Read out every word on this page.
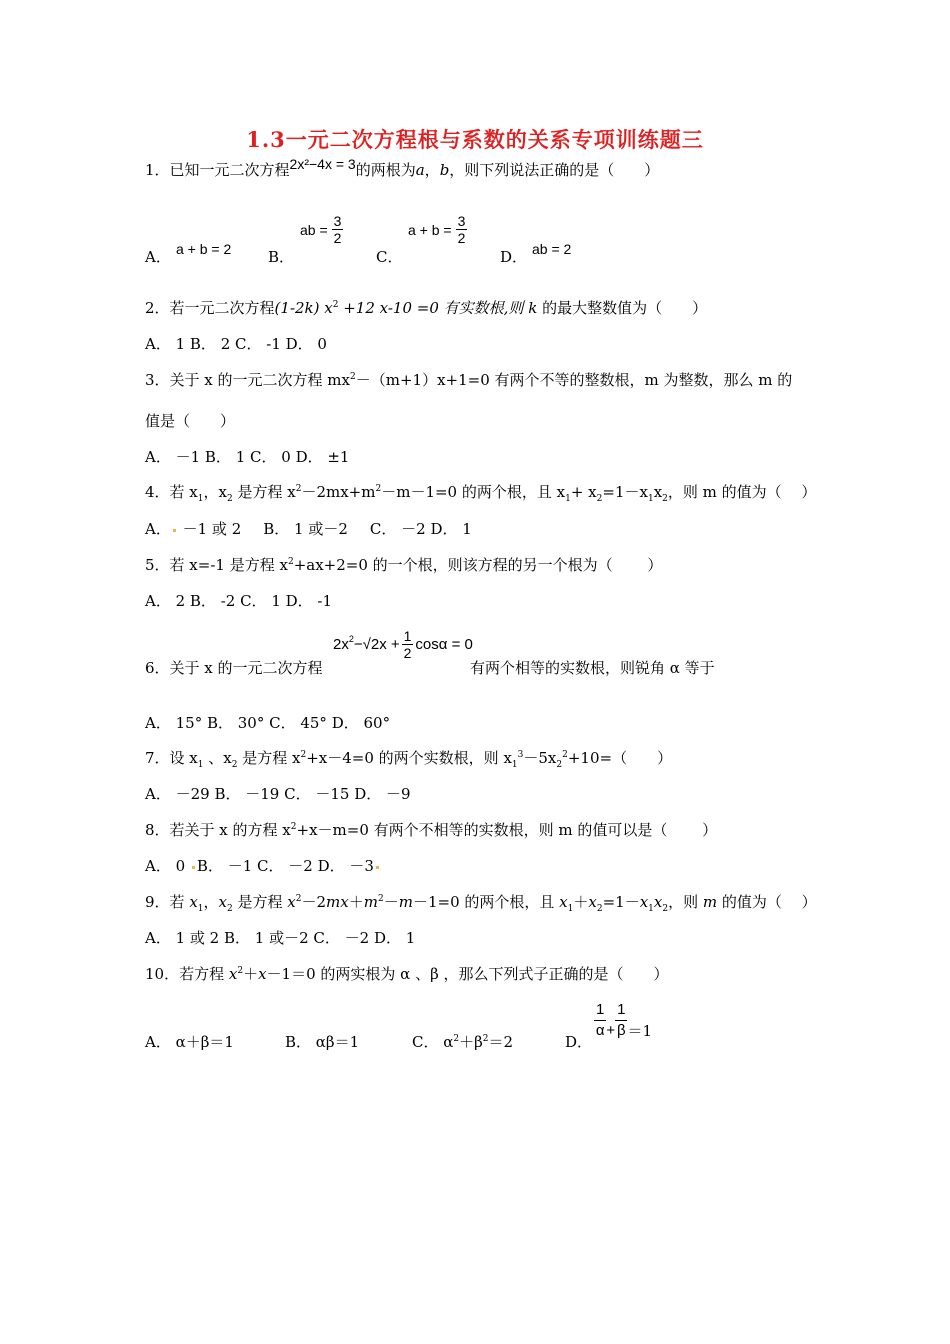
1.3一元二次方程根与系数的关系专项训练题三
1．已知一元二次方程2x²−4x = 3的两根为a，b，则下列说法正确的是（　　）
A． a + b = 2 B．
ab = $\frac{3}{2}$
C．
$a + b = \frac{3}{2}$
D． ab = 2
2．若一元二次方程(1-2k) $x^2 +12$ x-10 =0 有实数根,则 k 的最大整数值为（　　）
A． 1 B． 2 C． -1 D． 0
3．关于 x 的一元二次方程 $mx^2-(m+1)x+1=0$ 有两个不等的整数根，m 为整数，那么 m 的
值是（　　）
A． －1 B． 1 C． 0 D． ±1
4．若 $x_1$，$x_2$ 是方程 $x^2-2mx+m^2-m-1=0$ 的两个根，且 $x_1+ x_2=1-x_1x_2$，则 m 的值为（　 ）
A． －1 或 2 B． 1 或－2 C． －2 D． 1
5．若 x=-1 是方程 $x^2+ax+2=0$ 的一个根，则该方程的另一个根为（　　 ）
A． 2 B． -2 C． 1 D． -1
6．关于 x 的一元二次方程
$2x^2 -√2x + \frac{1}{2}$ cosα = 0
有两个相等的实数根，则锐角 α 等于
A． 15° B． 30° C． 45° D． 60°
7．设 $x_1$ 、$x_2$ 是方程 $x^2+x-4=0$ 的两个实数根，则 $x_1^3-5x_2^2+10=$（　　）
A． －29 B． －19 C． －15 D． －9
8．若关于 x 的方程 $x^2+x-m=0$ 有两个不相等的实数根，则 m 的值可以是（　　 ）
A． 0 B． －1 C． －2 D． －3
9．若 $x_1$，$x_2$ 是方程 $x^2-2mx+m^2-m-1=0$ 的两个根，且 $x_1+x_2=1-x_1x_2$，则 m 的值为（　 ）
A． 1 或 2 B． 1 或－2 C． －2 D． 1
10．若方程 $x^2+x-1=0$ 的两实根为 α 、β ，那么下列式子正确的是（　　）
A． α＋β＝1	B． αβ＝1	C． $\alpha^2+\beta^2=2$	D．
$\frac{1}{\alpha} + \frac{1}{\beta} =1$
